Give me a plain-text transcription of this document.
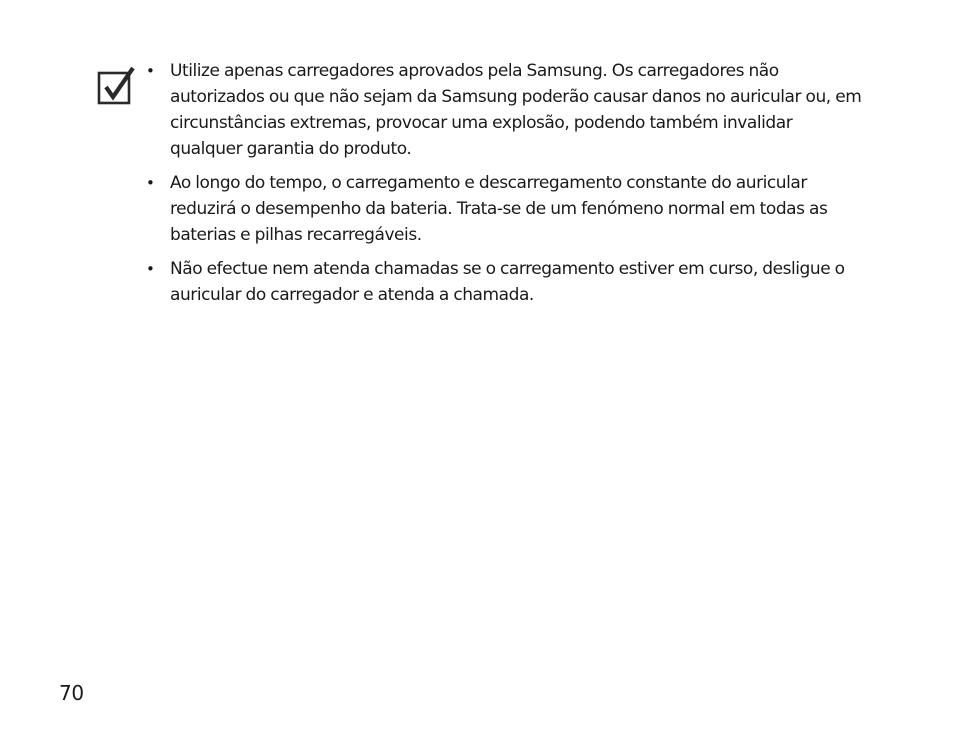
• Utilize apenas carregadores aprovados pela Samsung. Os carregadores não autorizados ou que não sejam da Samsung poderão causar danos no auricular ou, em circunstâncias extremas, provocar uma explosão, podendo também invalidar qualquer garantia do produto.
• Ao longo do tempo, o carregamento e descarregamento constante do auricular reduzirá o desempenho da bateria. Trata-se de um fenómeno normal em todas as baterias e pilhas recarregáveis.
• Não efectue nem atenda chamadas se o carregamento estiver em curso, desligue o auricular do carregador e atenda a chamada.
70
